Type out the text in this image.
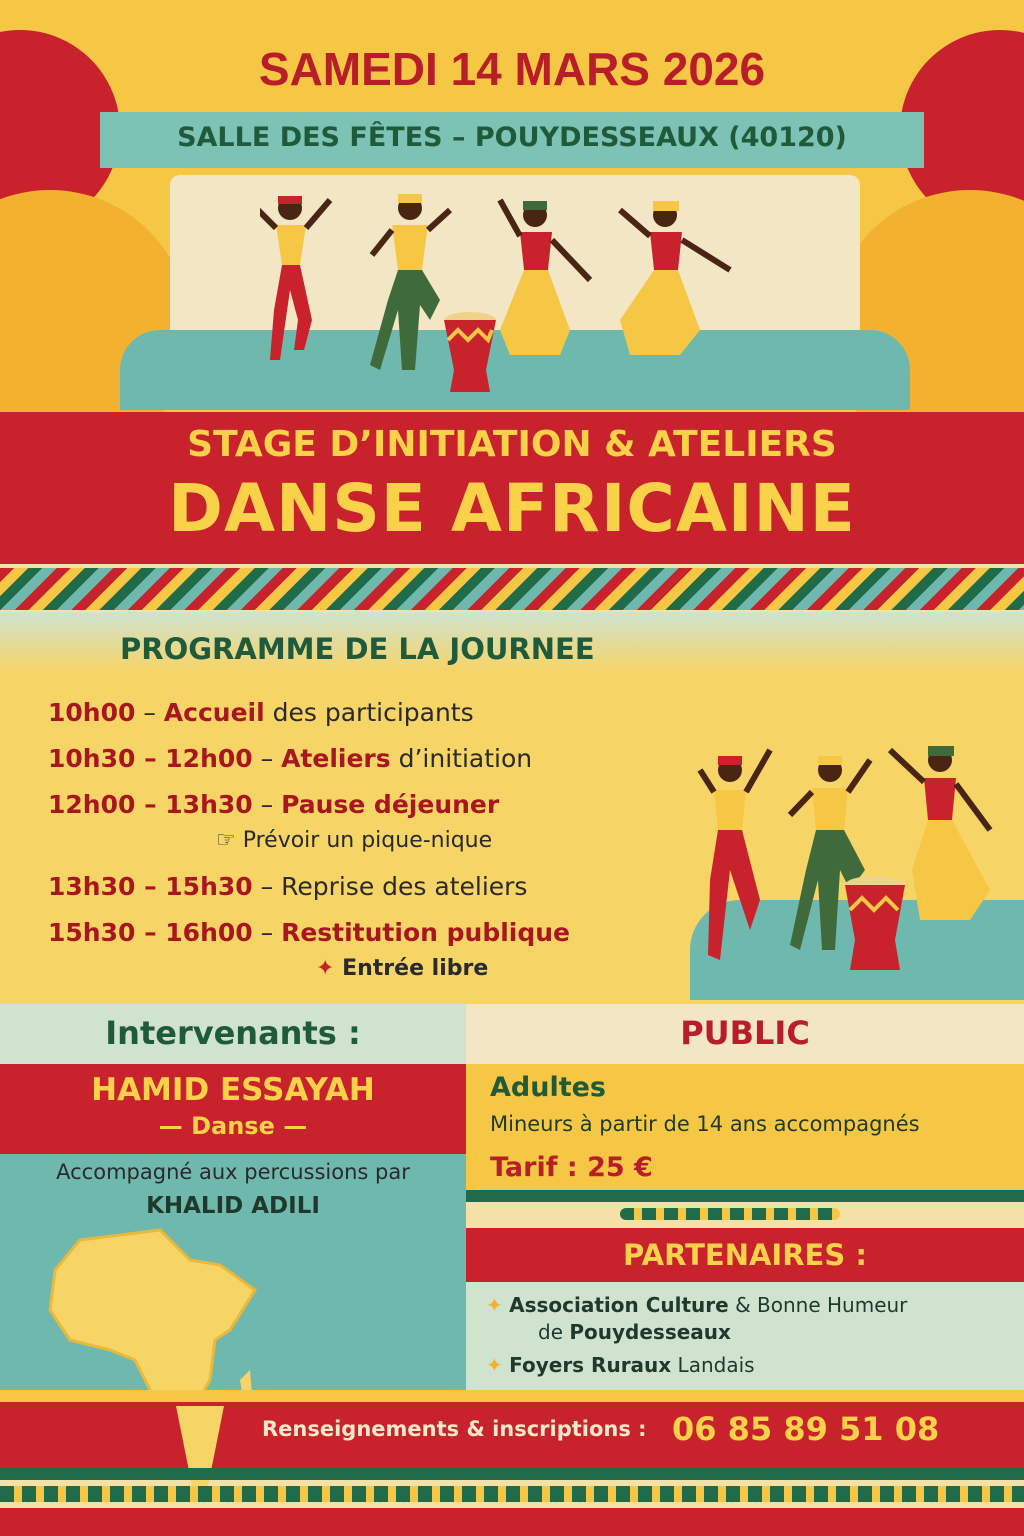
SAMEDI 14 MARS 2026
SALLE DES FÊTES – POUYDESSEAUX (40120)
STAGE D’INITIATION & ATELIERS
DANSE AFRICAINE
PROGRAMME DE LA JOURNEE
10h00 – Accueil des participants
10h30 – 12h00 – Ateliers d’initiation
12h00 – 13h30 – Pause déjeuner
☞ Prévoir un pique-nique
13h30 – 15h30 – Reprise des ateliers
15h30 – 16h00 – Restitution publique
✦ Entrée libre
Intervenants :	PUBLIC
HAMID ESSAYAH
— Danse —
Accompagné aux percussions par
KHALID ADILI
Adultes
Mineurs à partir de 14 ans accompagnés
Tarif : 25 €
PARTENAIRES :
✦ Association Culture & Bonne Humeur
de Pouydesseaux
✦ Foyers Ruraux Landais
Renseignements & inscriptions : 06 85 89 51 08
